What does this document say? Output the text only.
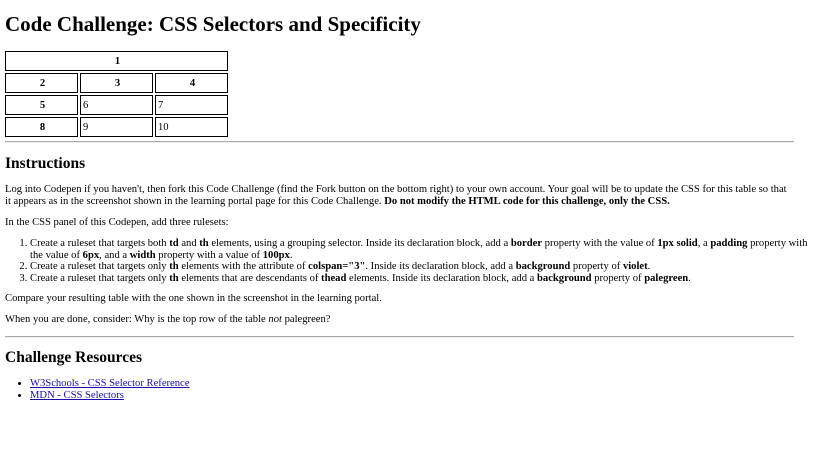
Code Challenge: CSS Selectors and Specificity
1		
2	3	4
5	6	7
8	9	10
Instructions

Log into Codepen if you haven't, then fork this Code Challenge (find the Fork button on the bottom right) to your own account. Your goal will be to update the CSS for this table so that it appears as in the screenshot shown in the learning portal page for this Code Challenge. Do not modify the HTML code for this challenge, only the CSS.

In the CSS panel of this Codepen, add three rulesets:

1. Create a ruleset that targets both td and th elements, using a grouping selector. Inside its declaration block, add a border property with the value of 1px solid, a padding property with the value of 6px, and a width property with a value of 100px.
2. Create a ruleset that targets only th elements with the attribute of colspan="3". Inside its declaration block, add a background property of violet.
3. Create a ruleset that targets only th elements that are descendants of thead elements. Inside its declaration block, add a background property of palegreen.

Compare your resulting table with the one shown in the screenshot in the learning portal.

When you are done, consider: Why is the top row of the table not palegreen?

Challenge Resources
• W3Schools - CSS Selector Reference
• MDN - CSS Selectors
